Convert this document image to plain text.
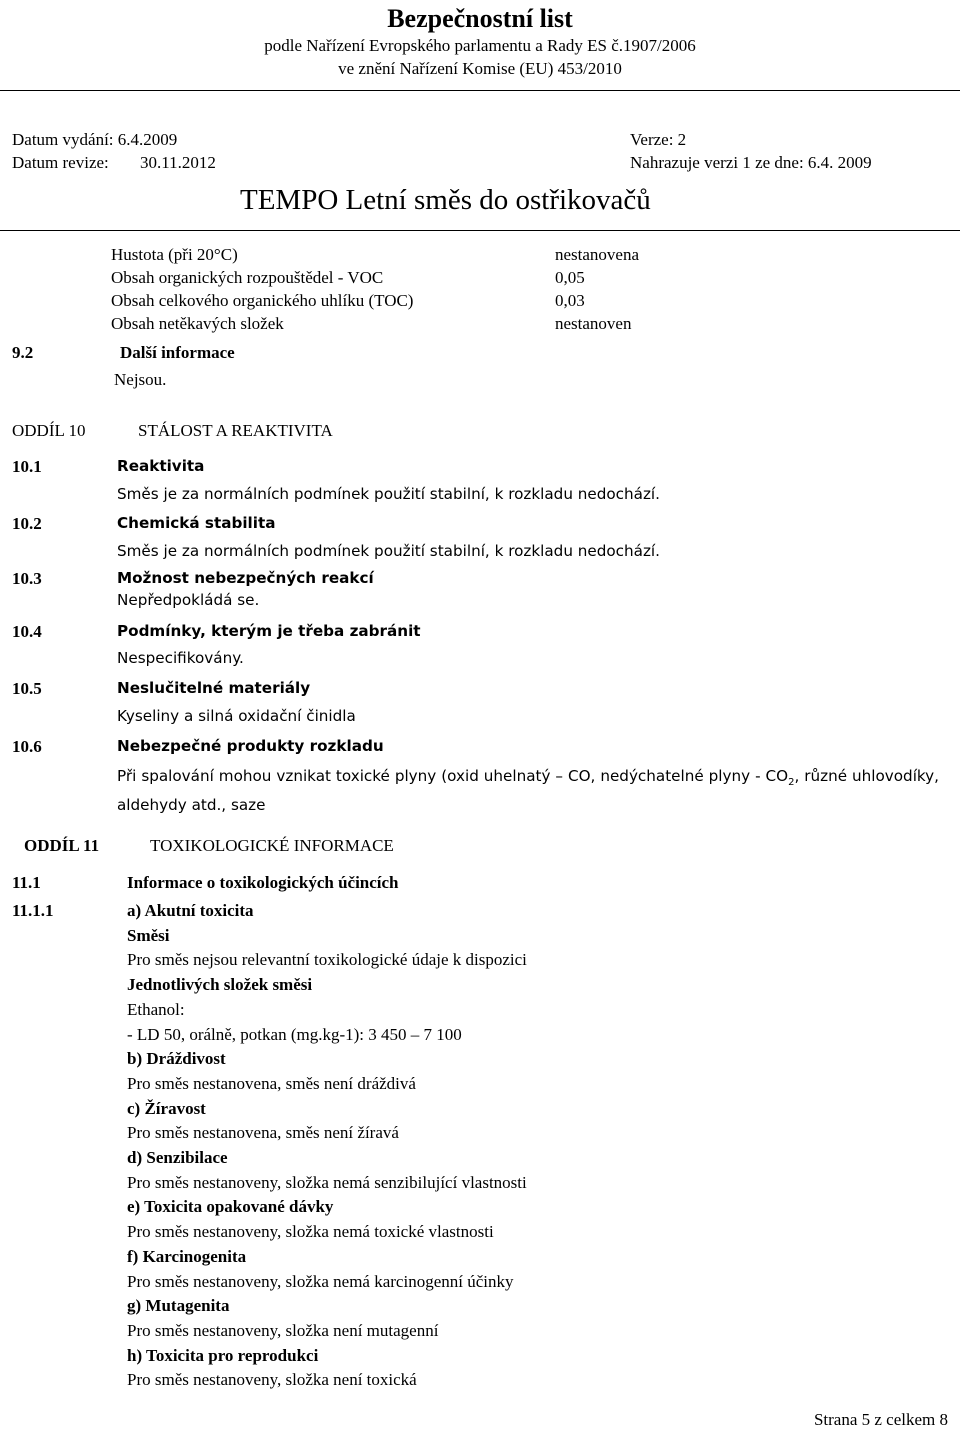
Bezpečnostní list
podle Nařízení Evropského parlamentu a Rady ES č.1907/2006
ve znění Nařízení Komise (EU) 453/2010
Datum vydání: 6.4.2009
Datum revize: 30.11.2012
Verze: 2
Nahrazuje verzi 1 ze dne: 6.4. 2009
TEMPO Letní směs do ostřikovačů
Hustota (při 20°C)	nestanovena
Obsah organických rozpouštědel - VOC	0,05
Obsah celkového organického uhlíku (TOC)	0,03
Obsah netěkavých složek	nestanoven
9.2	Další informace
Nejsou.
ODDÍL 10	STÁLOST A REAKTIVITA
10.1	Reaktivita
Směs je za normálních podmínek použití stabilní, k rozkladu nedochází.
10.2	Chemická stabilita
Směs je za normálních podmínek použití stabilní, k rozkladu nedochází.
10.3	Možnost nebezpečných reakcí
Nepředpokládá se.
10.4	Podmínky, kterým je třeba zabránit
Nespecifikovány.
10.5	Neslučitelné materiály
Kyseliny a silná oxidační činidla
10.6	Nebezpečné produkty rozkladu
Při spalování mohou vznikat toxické plyny (oxid uhelnatý – CO, nedýchatelné plyny - $CO_2$, různé uhlovodíky, aldehydy atd., saze
ODDÍL 11	TOXIKOLOGICKÉ INFORMACE
11.1	Informace o toxikologických účincích
11.1.1	a) Akutní toxicita
Směsi
Pro směs nejsou relevantní toxikologické údaje k dispozici
Jednotlivých složek směsi
Ethanol:
- LD 50, orálně, potkan (mg.kg-1): 3 450 – 7 100
b) Dráždivost
Pro směs nestanovena, směs není dráždivá
c) Žíravost
Pro směs nestanovena, směs není žíravá
d) Senzibilace
Pro směs nestanoveny, složka nemá senzibilující vlastnosti
e) Toxicita opakované dávky
Pro směs nestanoveny, složka nemá toxické vlastnosti
f) Karcinogenita
Pro směs nestanoveny, složka nemá karcinogenní účinky
g) Mutagenita
Pro směs nestanoveny, složka není mutagenní
h) Toxicita pro reprodukci
Pro směs nestanoveny, složka není toxická
Strana 5 z celkem 8
